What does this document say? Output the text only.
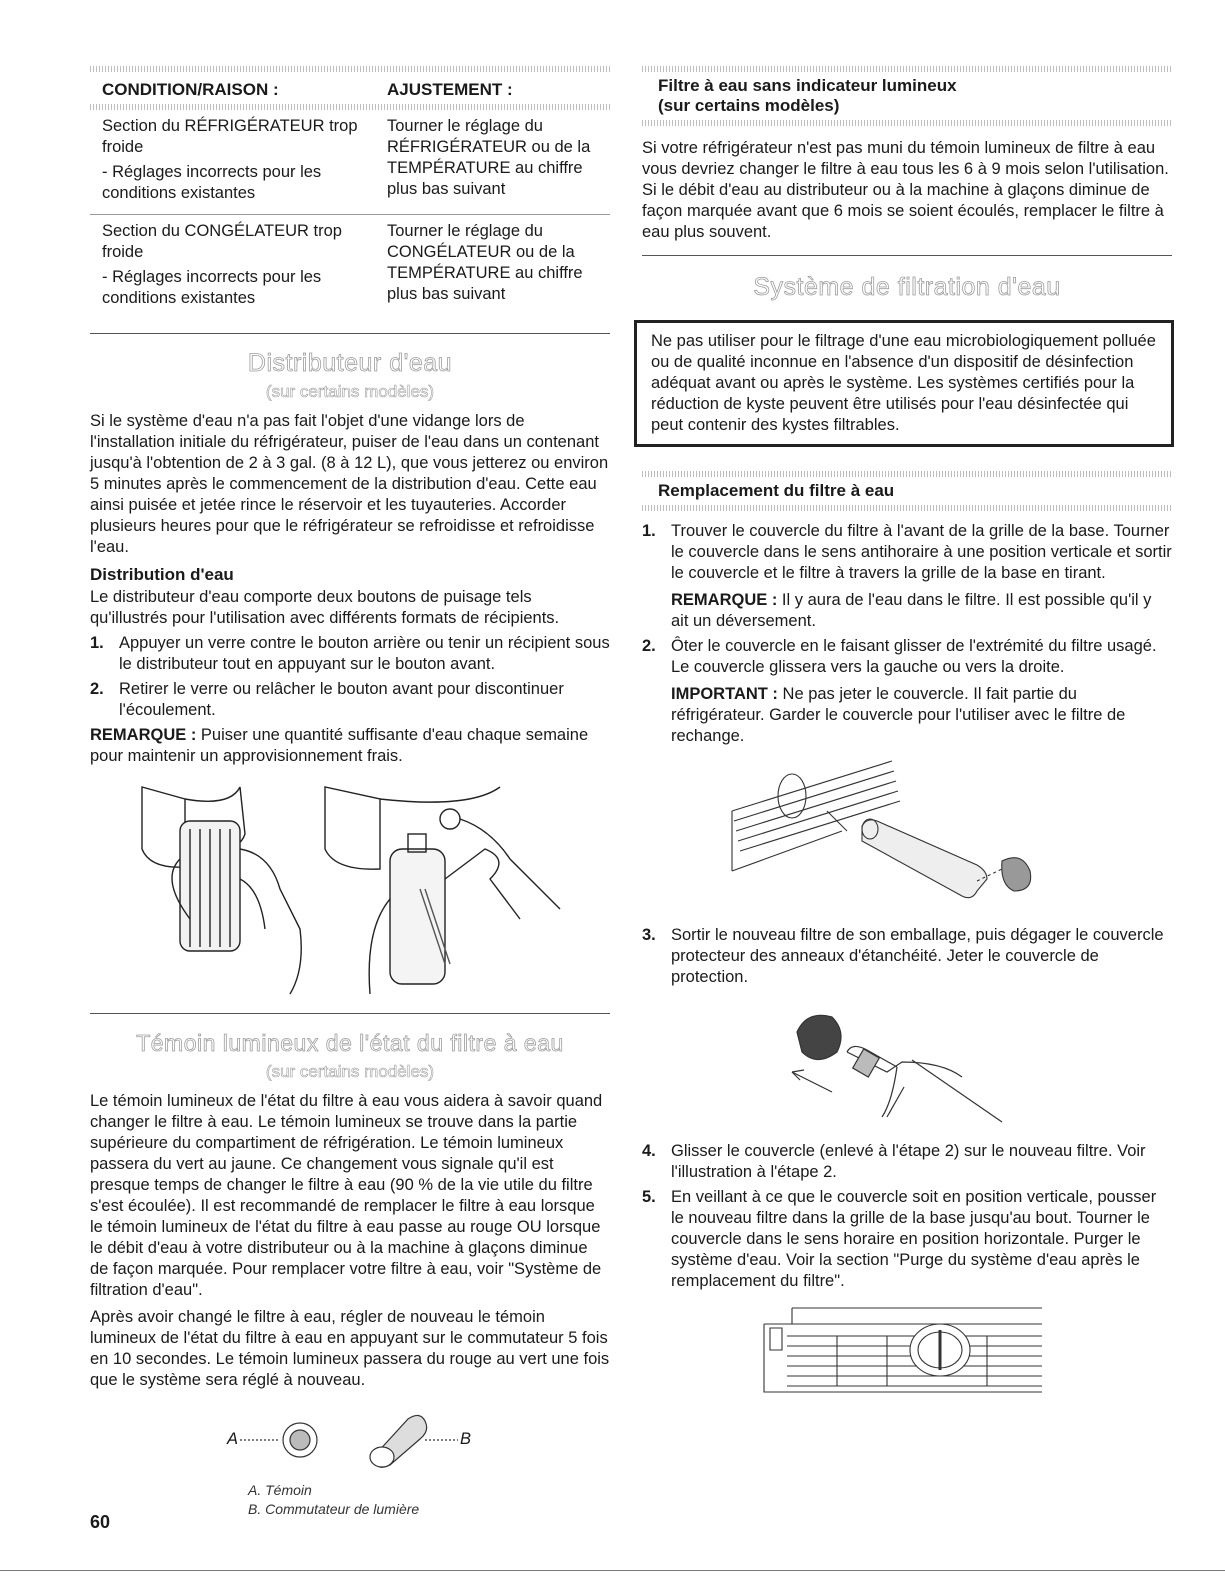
CONDITION/RAISON :	AJUSTEMENT :

Section du RÉFRIGÉRATEUR trop froide

- Réglages incorrects pour les conditions existantes

Tourner le réglage du RÉFRIGÉRATEUR ou de la TEMPÉRATURE au chiffre plus bas suivant

Section du CONGÉLATEUR trop froide

- Réglages incorrects pour les conditions existantes

Tourner le réglage du CONGÉLATEUR ou de la TEMPÉRATURE au chiffre plus bas suivant

Distributeur d'eau
(sur certains modèles)

Si le système d'eau n'a pas fait l'objet d'une vidange lors de l'installation initiale du réfrigérateur, puiser de l'eau dans un contenant jusqu'à l'obtention de 2 à 3 gal. (8 à 12 L), que vous jetterez ou environ 5 minutes après le commencement de la distribution d'eau. Cette eau ainsi puisée et jetée rince le réservoir et les tuyauteries. Accorder plusieurs heures pour que le réfrigérateur se refroidisse et refroidisse l'eau.

Distribution d'eau

Le distributeur d'eau comporte deux boutons de puisage tels qu'illustrés pour l'utilisation avec différents formats de récipients.

1. Appuyer un verre contre le bouton arrière ou tenir un récipient sous le distributeur tout en appuyant sur le bouton avant.
2. Retirer le verre ou relâcher le bouton avant pour discontinuer l'écoulement.

REMARQUE : Puiser une quantité suffisante d'eau chaque semaine pour maintenir un approvisionnement frais.

Témoin lumineux de l'état du filtre à eau
(sur certains modèles)

Le témoin lumineux de l'état du filtre à eau vous aidera à savoir quand changer le filtre à eau. Le témoin lumineux se trouve dans la partie supérieure du compartiment de réfrigération. Le témoin lumineux passera du vert au jaune. Ce changement vous signale qu'il est presque temps de changer le filtre à eau (90 % de la vie utile du filtre s'est écoulée). Il est recommandé de remplacer le filtre à eau lorsque le témoin lumineux de l'état du filtre à eau passe au rouge OU lorsque le débit d'eau à votre distributeur ou à la machine à glaçons diminue de façon marquée. Pour remplacer votre filtre à eau, voir "Système de filtration d'eau".

Après avoir changé le filtre à eau, régler de nouveau le témoin lumineux de l'état du filtre à eau en appuyant sur le commutateur 5 fois en 10 secondes. Le témoin lumineux passera du rouge au vert une fois que le système sera réglé à nouveau.

A	B
A. Témoin
B. Commutateur de lumière
Filtre à eau sans indicateur lumineux
(sur certains modèles)

Si votre réfrigérateur n'est pas muni du témoin lumineux de filtre à eau vous devriez changer le filtre à eau tous les 6 à 9 mois selon l'utilisation. Si le débit d'eau au distributeur ou à la machine à glaçons diminue de façon marquée avant que 6 mois se soient écoulés, remplacer le filtre à eau plus souvent.

Système de filtration d'eau
Ne pas utiliser pour le filtrage d'une eau microbiologiquement polluée ou de qualité inconnue en l'absence d'un dispositif de désinfection adéquat avant ou après le système. Les systèmes certifiés pour la réduction de kyste peuvent être utilisés pour l'eau désinfectée qui peut contenir des kystes filtrables.
Remplacement du filtre à eau
1. Trouver le couvercle du filtre à l'avant de la grille de la base. Tourner le couvercle dans le sens antihoraire à une position verticale et sortir le couvercle et le filtre à travers la grille de la base en tirant.

REMARQUE : Il y aura de l'eau dans le filtre. Il est possible qu'il y ait un déversement.

2. Ôter le couvercle en le faisant glisser de l'extrémité du filtre usagé. Le couvercle glissera vers la gauche ou vers la droite.

IMPORTANT : Ne pas jeter le couvercle. Il fait partie du réfrigérateur. Garder le couvercle pour l'utiliser avec le filtre de rechange.

3. Sortir le nouveau filtre de son emballage, puis dégager le couvercle protecteur des anneaux d'étanchéité. Jeter le couvercle de protection.
4. Glisser le couvercle (enlevé à l'étape 2) sur le nouveau filtre. Voir l'illustration à l'étape 2.
5. En veillant à ce que le couvercle soit en position verticale, pousser le nouveau filtre dans la grille de la base jusqu'au bout. Tourner le couvercle dans le sens horaire en position horizontale. Purger le système d'eau. Voir la section "Purge du système d'eau après le remplacement du filtre".
60
